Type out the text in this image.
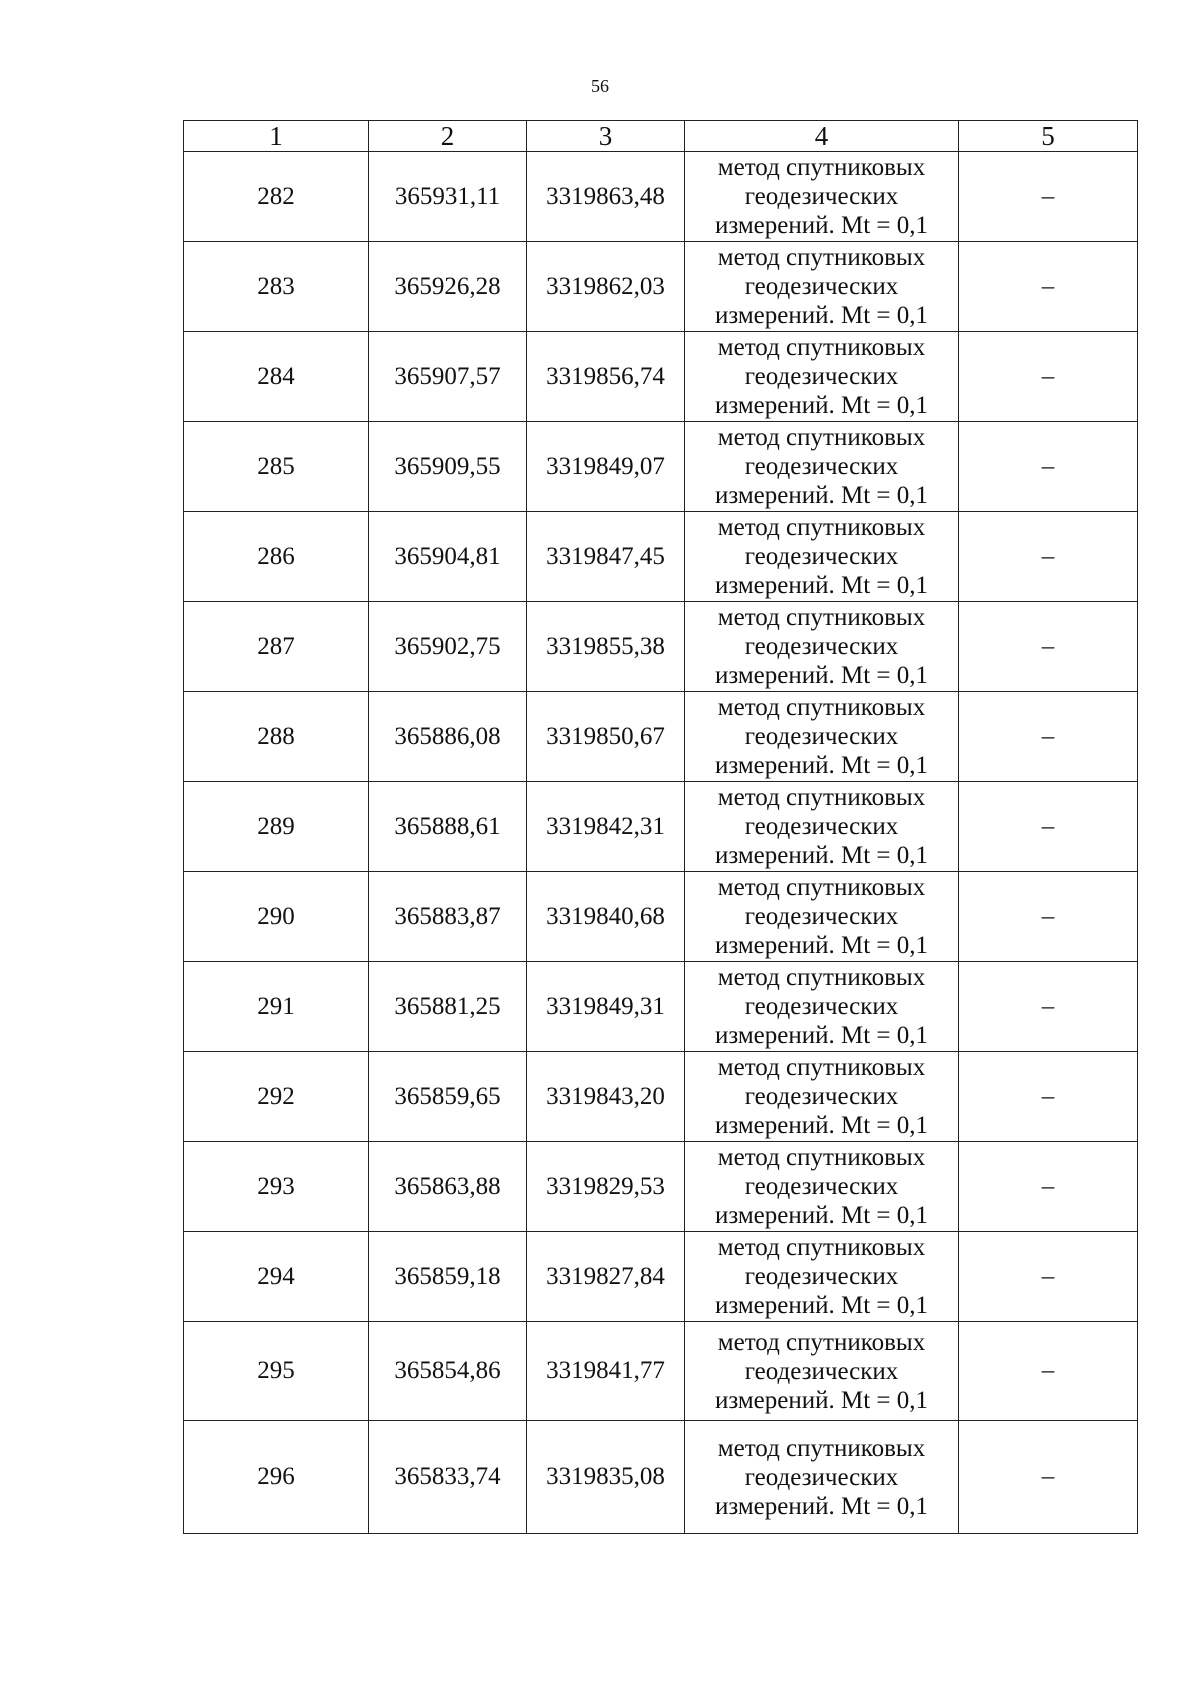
56
1	2	3	4	5
282	365931,11	3319863,48	метод спутниковых
геодезических
измерений. Mt = 0,1	–
283	365926,28	3319862,03	метод спутниковых
геодезических
измерений. Mt = 0,1	–
284	365907,57	3319856,74	метод спутниковых
геодезических
измерений. Mt = 0,1	–
285	365909,55	3319849,07	метод спутниковых
геодезических
измерений. Mt = 0,1	–
286	365904,81	3319847,45	метод спутниковых
геодезических
измерений. Mt = 0,1	–
287	365902,75	3319855,38	метод спутниковых
геодезических
измерений. Mt = 0,1	–
288	365886,08	3319850,67	метод спутниковых
геодезических
измерений. Mt = 0,1	–
289	365888,61	3319842,31	метод спутниковых
геодезических
измерений. Mt = 0,1	–
290	365883,87	3319840,68	метод спутниковых
геодезических
измерений. Mt = 0,1	–
291	365881,25	3319849,31	метод спутниковых
геодезических
измерений. Mt = 0,1	–
292	365859,65	3319843,20	метод спутниковых
геодезических
измерений. Mt = 0,1	–
293	365863,88	3319829,53	метод спутниковых
геодезических
измерений. Mt = 0,1	–
294	365859,18	3319827,84	метод спутниковых
геодезических
измерений. Mt = 0,1	–
295	365854,86	3319841,77	метод спутниковых
геодезических
измерений. Mt = 0,1	–
296	365833,74	3319835,08	метод спутниковых
геодезических
измерений. Mt = 0,1	–
